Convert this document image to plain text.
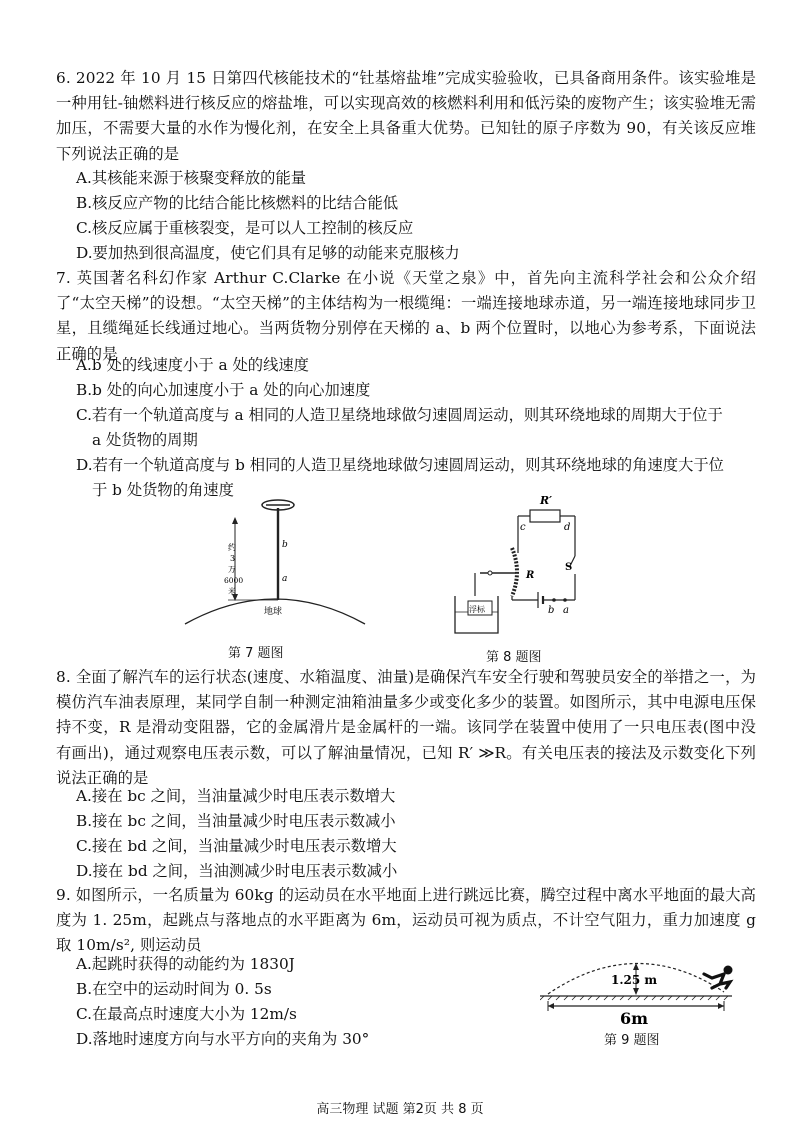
6. 2022 年 10 月 15 日第四代核能技术的“钍基熔盐堆”完成实验验收，已具备商用条件。该实验堆是一种用钍-铀燃料进行核反应的熔盐堆，可以实现高效的核燃料利用和低污染的废物产生；该实验堆无需加压，不需要大量的水作为慢化剂，在安全上具备重大优势。已知钍的原子序数为 90，有关该反应堆下列说法正确的是
A.其核能来源于核聚变释放的能量
B.核反应产物的比结合能比核燃料的比结合能低
C.核反应属于重核裂变，是可以人工控制的核反应
D.要加热到很高温度，使它们具有足够的动能来克服核力
7. 英国著名科幻作家 Arthur C.Clarke 在小说《天堂之泉》中，首先向主流科学社会和公众介绍了“太空天梯”的设想。“太空天梯”的主体结构为一根缆绳：一端连接地球赤道，另一端连接地球同步卫星，且缆绳延长线通过地心。当两货物分别停在天梯的 a、b 两个位置时，以地心为参考系，下面说法正确的是
A.b 处的线速度小于 a 处的线速度
B.b 处的向心加速度小于 a 处的向心加速度
C.若有一个轨道高度与 a 相同的人造卫星绕地球做匀速圆周运动，则其环绕地球的周期大于位于
a 处货物的周期
D.若有一个轨道高度与 b 相同的人造卫星绕地球做匀速圆周运动，则其环绕地球的角速度大于位
于 b 处货物的角速度
约
3
万
6000
米
b
a
地球
第 7 题图
R′
c	d
S
R
b a
浮标
第 8 题图
8. 全面了解汽车的运行状态(速度、水箱温度、油量)是确保汽车安全行驶和驾驶员安全的举措之一，为模仿汽车油表原理，某同学自制一种测定油箱油量多少或变化多少的装置。如图所示，其中电源电压保持不变，R 是滑动变阻器，它的金属滑片是金属杆的一端。该同学在装置中使用了一只电压表(图中没有画出)，通过观察电压表示数，可以了解油量情况，已知 R′ ≫R。有关电压表的接法及示数变化下列说法正确的是
A.接在 bc 之间，当油量减少时电压表示数增大
B.接在 bc 之间，当油量减少时电压表示数减小
C.接在 bd 之间，当油量减少时电压表示数增大
D.接在 bd 之间，当油测减少时电压表示数减小
9. 如图所示，一名质量为 60kg 的运动员在水平地面上进行跳远比赛，腾空过程中离水平地面的最大高度为 1. 25m，起跳点与落地点的水平距离为 6m，运动员可视为质点，不计空气阻力，重力加速度 g 取 10m/s², 则运动员
A.起跳时获得的动能约为 1830J
B.在空中的运动时间为 0. 5s
C.在最高点时速度大小为 12m/s
D.落地时速度方向与水平方向的夹角为 30°
1.25 m
6m
第 9 题图
高三物理 试题 第2页 共 8 页
